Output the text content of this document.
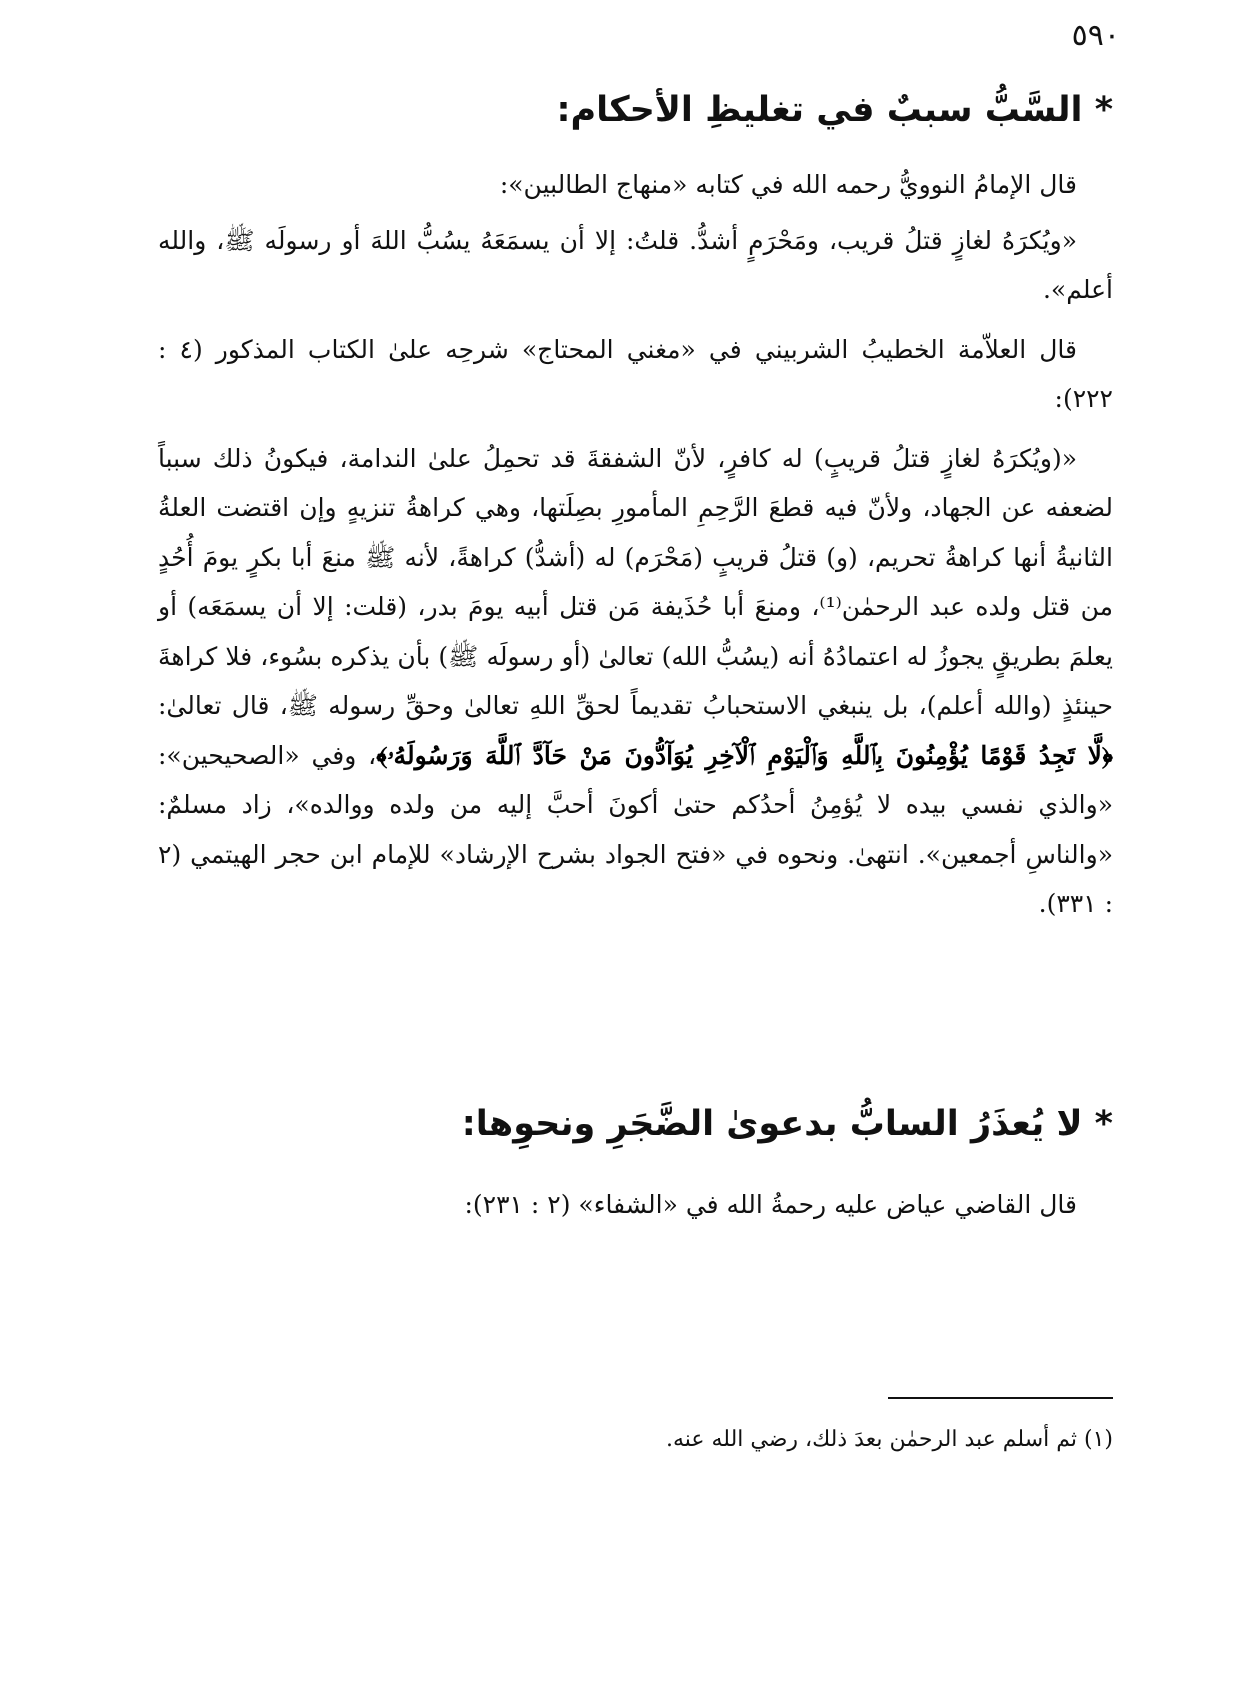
٥٩٠
* السَّبُّ سببٌ في تغليظِ الأحكام:

قال الإمامُ النوويُّ رحمه الله في كتابه «منهاج الطالبين»:

«ويُكرَهُ لغازٍ قتلُ قريب، ومَحْرَمٍ أشدُّ. قلتُ: إلا أن يسمَعَهُ يسُبُّ اللهَ أو رسولَه ﷺ، والله أعلم».

قال العلاّمة الخطيبُ الشربيني في «مغني المحتاج» شرحِه علىٰ الكتاب المذكور (٤ : ٢٢٢):

«(ويُكرَهُ لغازٍ قتلُ قريبٍ) له كافرٍ، لأنّ الشفقةَ قد تحمِلُ علىٰ الندامة، فيكونُ ذلك سبباً لضعفه عن الجهاد، ولأنّ فيه قطعَ الرَّحِمِ المأمورِ بصِلَتها، وهي كراهةُ تنزيهٍ وإن اقتضت العلةُ الثانيةُ أنها كراهةُ تحريم، (و) قتلُ قريبٍ (مَحْرَم) له (أشدُّ) كراهةً، لأنه ﷺ منعَ أبا بكرٍ يومَ أُحُدٍ من قتل ولده عبد الرحمٰن⁽¹⁾، ومنعَ أبا حُذَيفة مَن قتل أبيه يومَ بدر، (قلت: إلا أن يسمَعَه) أو يعلمَ بطريقٍ يجوزُ له اعتمادُهُ أنه (يسُبُّ الله) تعالىٰ (أو رسولَه ﷺ) بأن يذكره بسُوء، فلا كراهةَ حينئذٍ (والله أعلم)، بل ينبغي الاستحبابُ تقديماً لحقِّ اللهِ تعالىٰ وحقِّ رسوله ﷺ، قال تعالىٰ: ﴿لَّا تَجِدُ قَوْمًا يُؤْمِنُونَ بِٱللَّهِ وَٱلْيَوْمِ ٱلْآخِرِ يُوَآدُّونَ مَنْ حَآدَّ ٱللَّهَ وَرَسُولَهُۥ﴾، وفي «الصحيحين»: «والذي نفسي بيده لا يُؤمِنُ أحدُكم حتىٰ أكونَ أحبَّ إليه من ولده ووالده»، زاد مسلمٌ: «والناسِ أجمعين». انتهىٰ. ونحوه في «فتح الجواد بشرح الإرشاد» للإمام ابن حجر الهيتمي (٢ : ٣٣١).

* لا يُعذَرُ السابُّ بدعوىٰ الضَّجَرِ ونحوِها:

قال القاضي عياض عليه رحمةُ الله في «الشفاء» (٢ : ٢٣١):

(١) ثم أسلم عبد الرحمٰن بعدَ ذلك، رضي الله عنه.
